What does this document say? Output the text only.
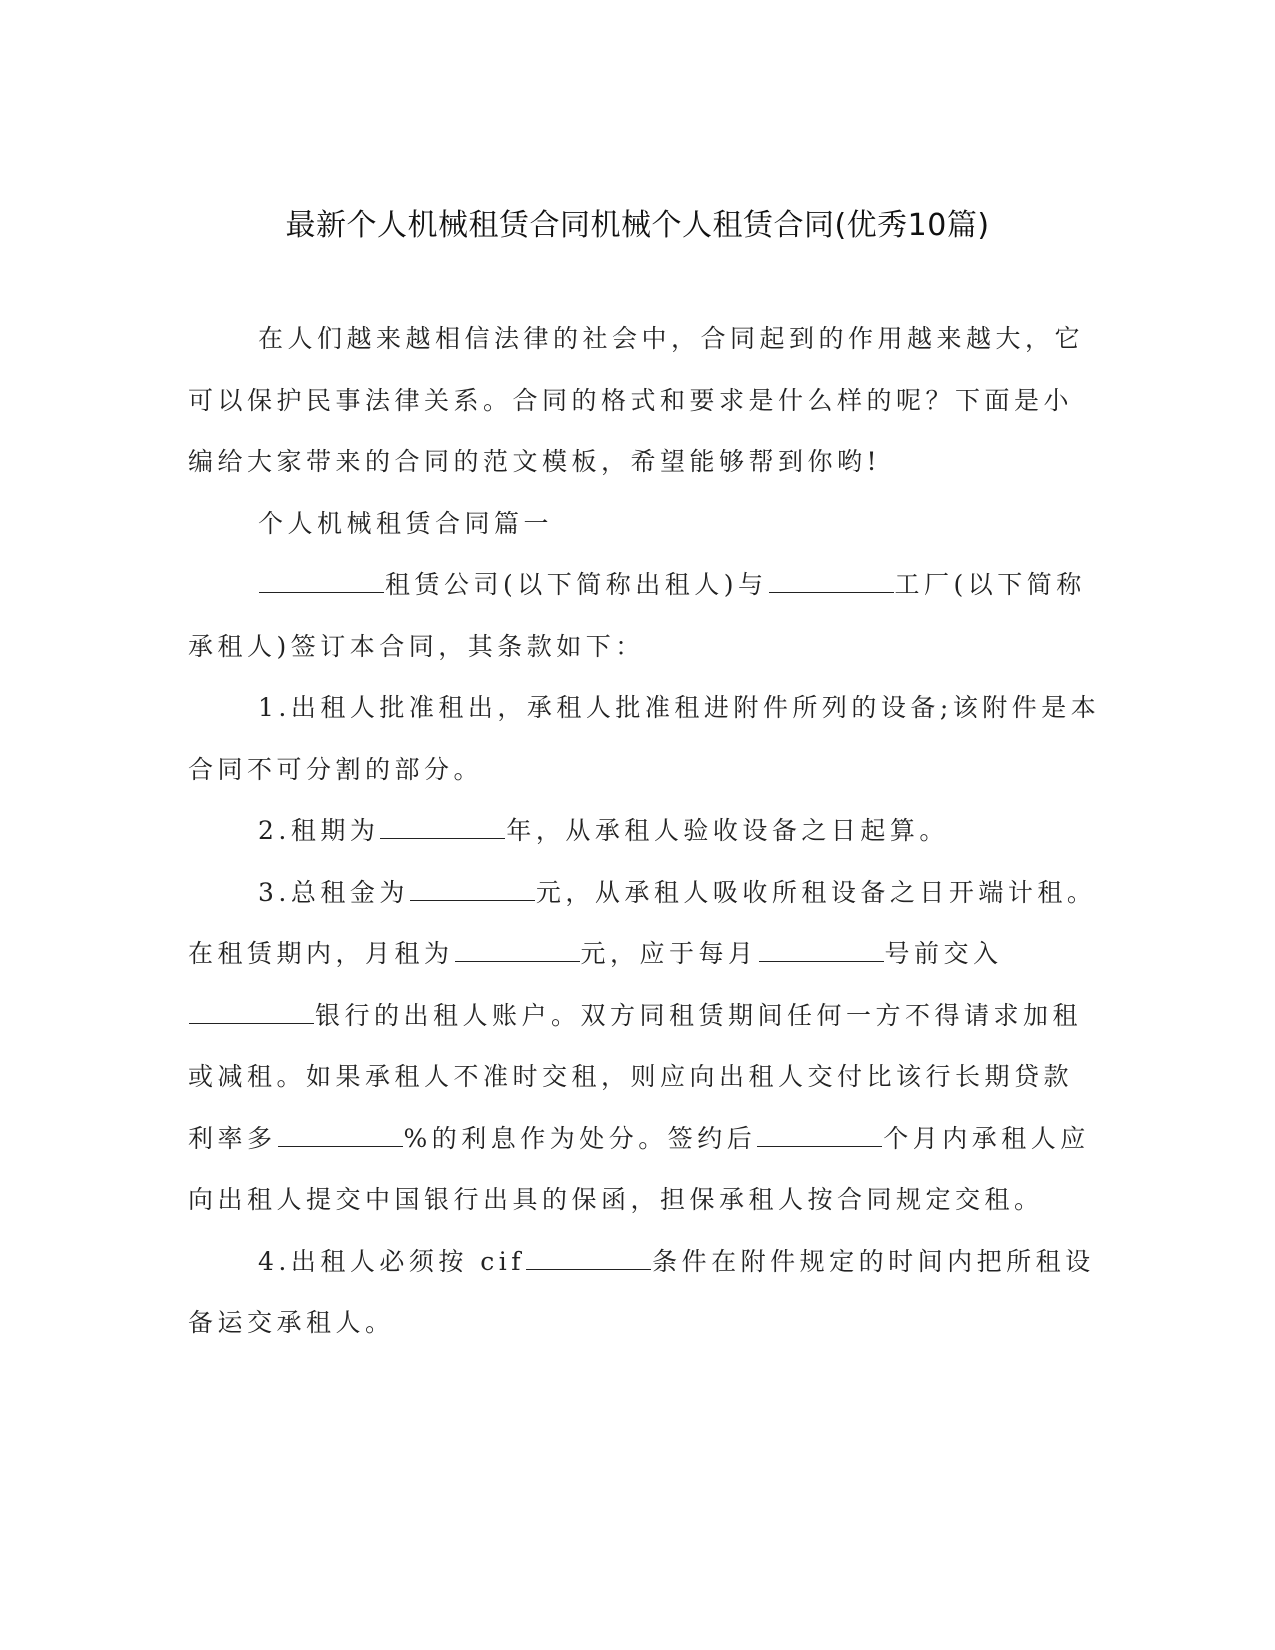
最新个人机械租赁合同机械个人租赁合同(优秀10篇)

在人们越来越相信法律的社会中，合同起到的作用越来越大，它
可以保护民事法律关系。合同的格式和要求是什么样的呢？下面是小
编给大家带来的合同的范文模板，希望能够帮到你哟!

个人机械租赁合同篇一

租赁公司(以下简称出租人)与	工厂(以下简称
承租人)签订本合同，其条款如下：

1.出租人批准租出，承租人批准租进附件所列的设备;该附件是本
合同不可分割的部分。

2.租期为	年，从承租人验收设备之日起算。

3.总租金为	元，从承租人吸收所租设备之日开端计租。
在租赁期内，月租为	元，应于每月	号前交入
银行的出租人账户。双方同租赁期间任何一方不得请求加租
或减租。如果承租人不准时交租，则应向出租人交付比该行长期贷款
利率多	%的利息作为处分。签约后	个月内承租人应
向出租人提交中国银行出具的保函，担保承租人按合同规定交租。

4.出租人必须按 cif	条件在附件规定的时间内把所租设
备运交承租人。
